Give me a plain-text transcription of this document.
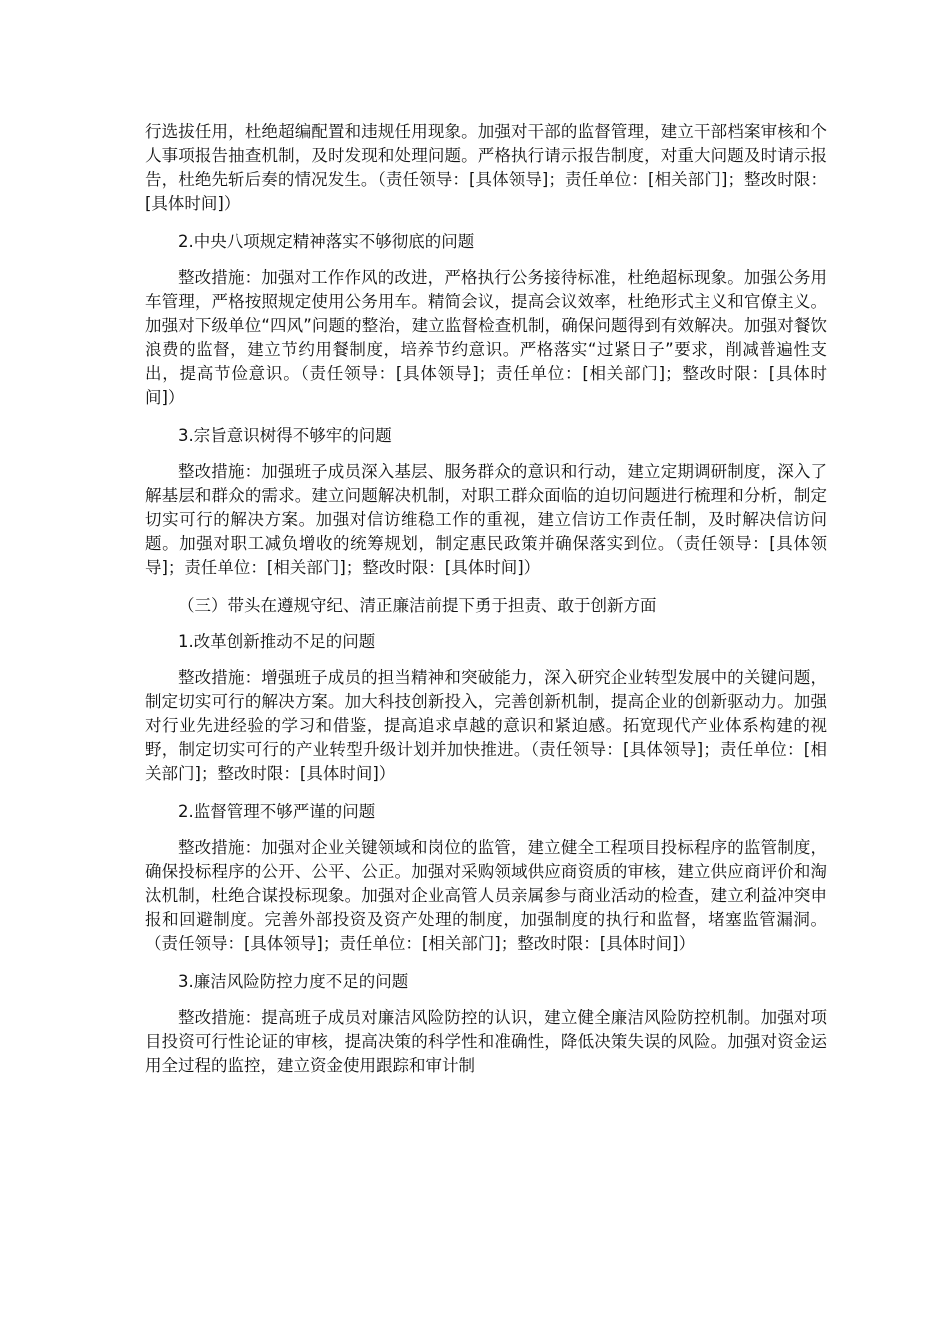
行选拔任用，杜绝超编配置和违规任用现象。加强对干部的监督管理，建立干部档案审核和个人事项报告抽查机制，及时发现和处理问题。严格执行请示报告制度，对重大问题及时请示报告，杜绝先斩后奏的情况发生。（责任领导：[具体领导]；责任单位：[相关部门]；整改时限：[具体时间]）

2.中央八项规定精神落实不够彻底的问题

整改措施：加强对工作作风的改进，严格执行公务接待标准，杜绝超标现象。加强公务用车管理，严格按照规定使用公务用车。精简会议，提高会议效率，杜绝形式主义和官僚主义。加强对下级单位“四风”问题的整治，建立监督检查机制，确保问题得到有效解决。加强对餐饮浪费的监督，建立节约用餐制度，培养节约意识。严格落实“过紧日子”要求，削减普遍性支出，提高节俭意识。（责任领导：[具体领导]；责任单位：[相关部门]；整改时限：[具体时间]）

3.宗旨意识树得不够牢的问题

整改措施：加强班子成员深入基层、服务群众的意识和行动，建立定期调研制度，深入了解基层和群众的需求。建立问题解决机制，对职工群众面临的迫切问题进行梳理和分析，制定切实可行的解决方案。加强对信访维稳工作的重视，建立信访工作责任制，及时解决信访问题。加强对职工减负增收的统筹规划，制定惠民政策并确保落实到位。（责任领导：[具体领导]；责任单位：[相关部门]；整改时限：[具体时间]）

（三）带头在遵规守纪、清正廉洁前提下勇于担责、敢于创新方面

1.改革创新推动不足的问题

整改措施：增强班子成员的担当精神和突破能力，深入研究企业转型发展中的关键问题，制定切实可行的解决方案。加大科技创新投入，完善创新机制，提高企业的创新驱动力。加强对行业先进经验的学习和借鉴，提高追求卓越的意识和紧迫感。拓宽现代产业体系构建的视野，制定切实可行的产业转型升级计划并加快推进。（责任领导：[具体领导]；责任单位：[相关部门]；整改时限：[具体时间]）

2.监督管理不够严谨的问题

整改措施：加强对企业关键领域和岗位的监管，建立健全工程项目投标程序的监管制度，确保投标程序的公开、公平、公正。加强对采购领域供应商资质的审核，建立供应商评价和淘汰机制，杜绝合谋投标现象。加强对企业高管人员亲属参与商业活动的检查，建立利益冲突申报和回避制度。完善外部投资及资产处理的制度，加强制度的执行和监督，堵塞监管漏洞。（责任领导：[具体领导]；责任单位：[相关部门]；整改时限：[具体时间]）

3.廉洁风险防控力度不足的问题

整改措施：提高班子成员对廉洁风险防控的认识，建立健全廉洁风险防控机制。加强对项目投资可行性论证的审核，提高决策的科学性和准确性，降低决策失误的风险。加强对资金运用全过程的监控，建立资金使用跟踪和审计制
